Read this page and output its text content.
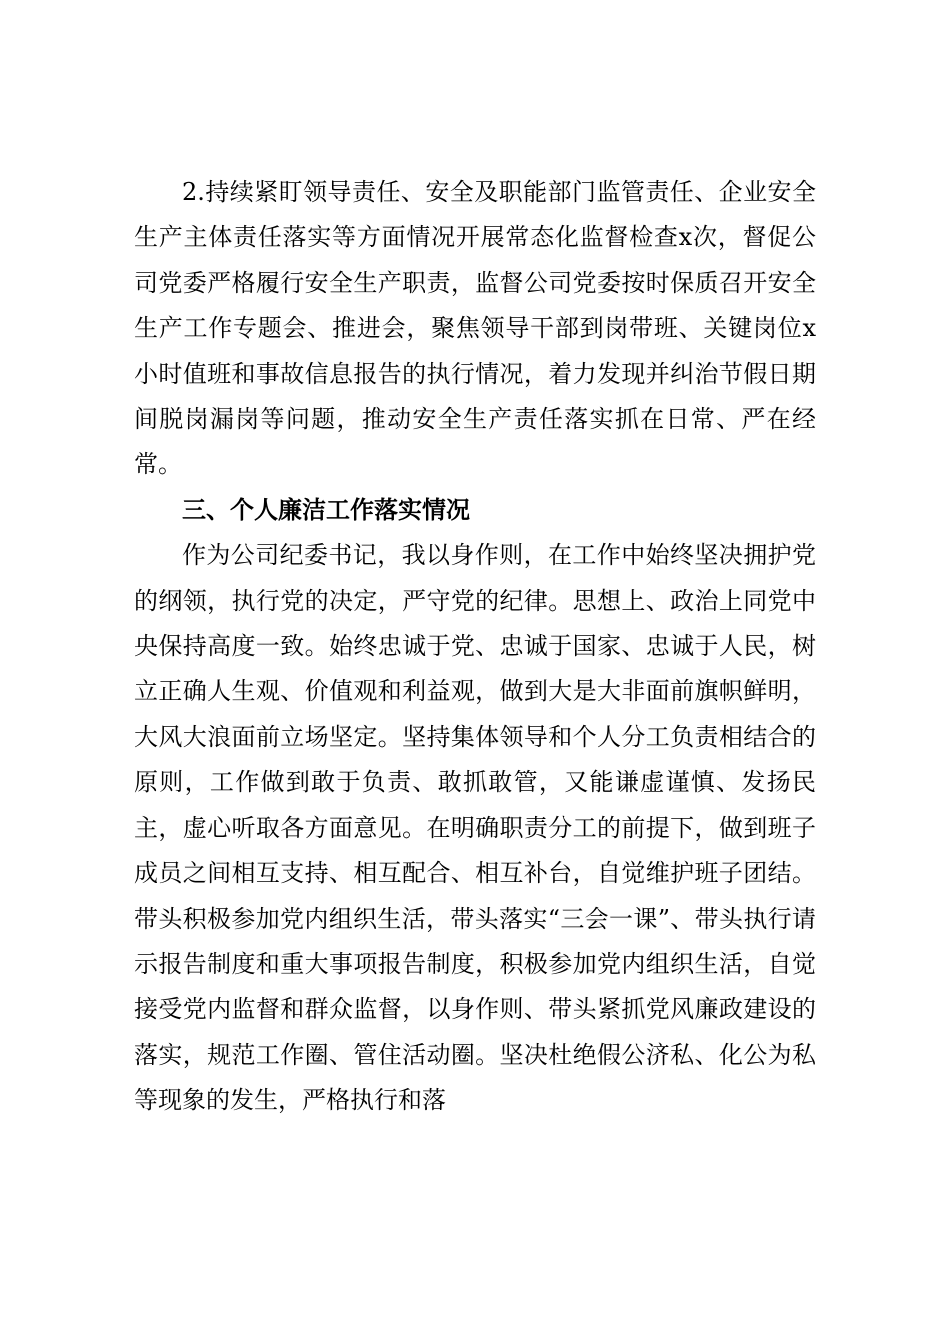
2.持续紧盯领导责任、安全及职能部门监管责任、企业安全生产主体责任落实等方面情况开展常态化监督检查x次，督促公司党委严格履行安全生产职责，监督公司党委按时保质召开安全生产工作专题会、推进会，聚焦领导干部到岗带班、关键岗位x小时值班和事故信息报告的执行情况，着力发现并纠治节假日期间脱岗漏岗等问题，推动安全生产责任落实抓在日常、严在经常。

三、个人廉洁工作落实情况

作为公司纪委书记，我以身作则，在工作中始终坚决拥护党的纲领，执行党的决定，严守党的纪律。思想上、政治上同党中央保持高度一致。始终忠诚于党、忠诚于国家、忠诚于人民，树立正确人生观、价值观和利益观，做到大是大非面前旗帜鲜明，大风大浪面前立场坚定。坚持集体领导和个人分工负责相结合的原则，工作做到敢于负责、敢抓敢管，又能谦虚谨慎、发扬民主，虚心听取各方面意见。在明确职责分工的前提下，做到班子成员之间相互支持、相互配合、相互补台，自觉维护班子团结。带头积极参加党内组织生活，带头落实“三会一课”、带头执行请示报告制度和重大事项报告制度，积极参加党内组织生活，自觉接受党内监督和群众监督，以身作则、带头紧抓党风廉政建设的落实，规范工作圈、管住活动圈。坚决杜绝假公济私、化公为私等现象的发生，严格执行和落
